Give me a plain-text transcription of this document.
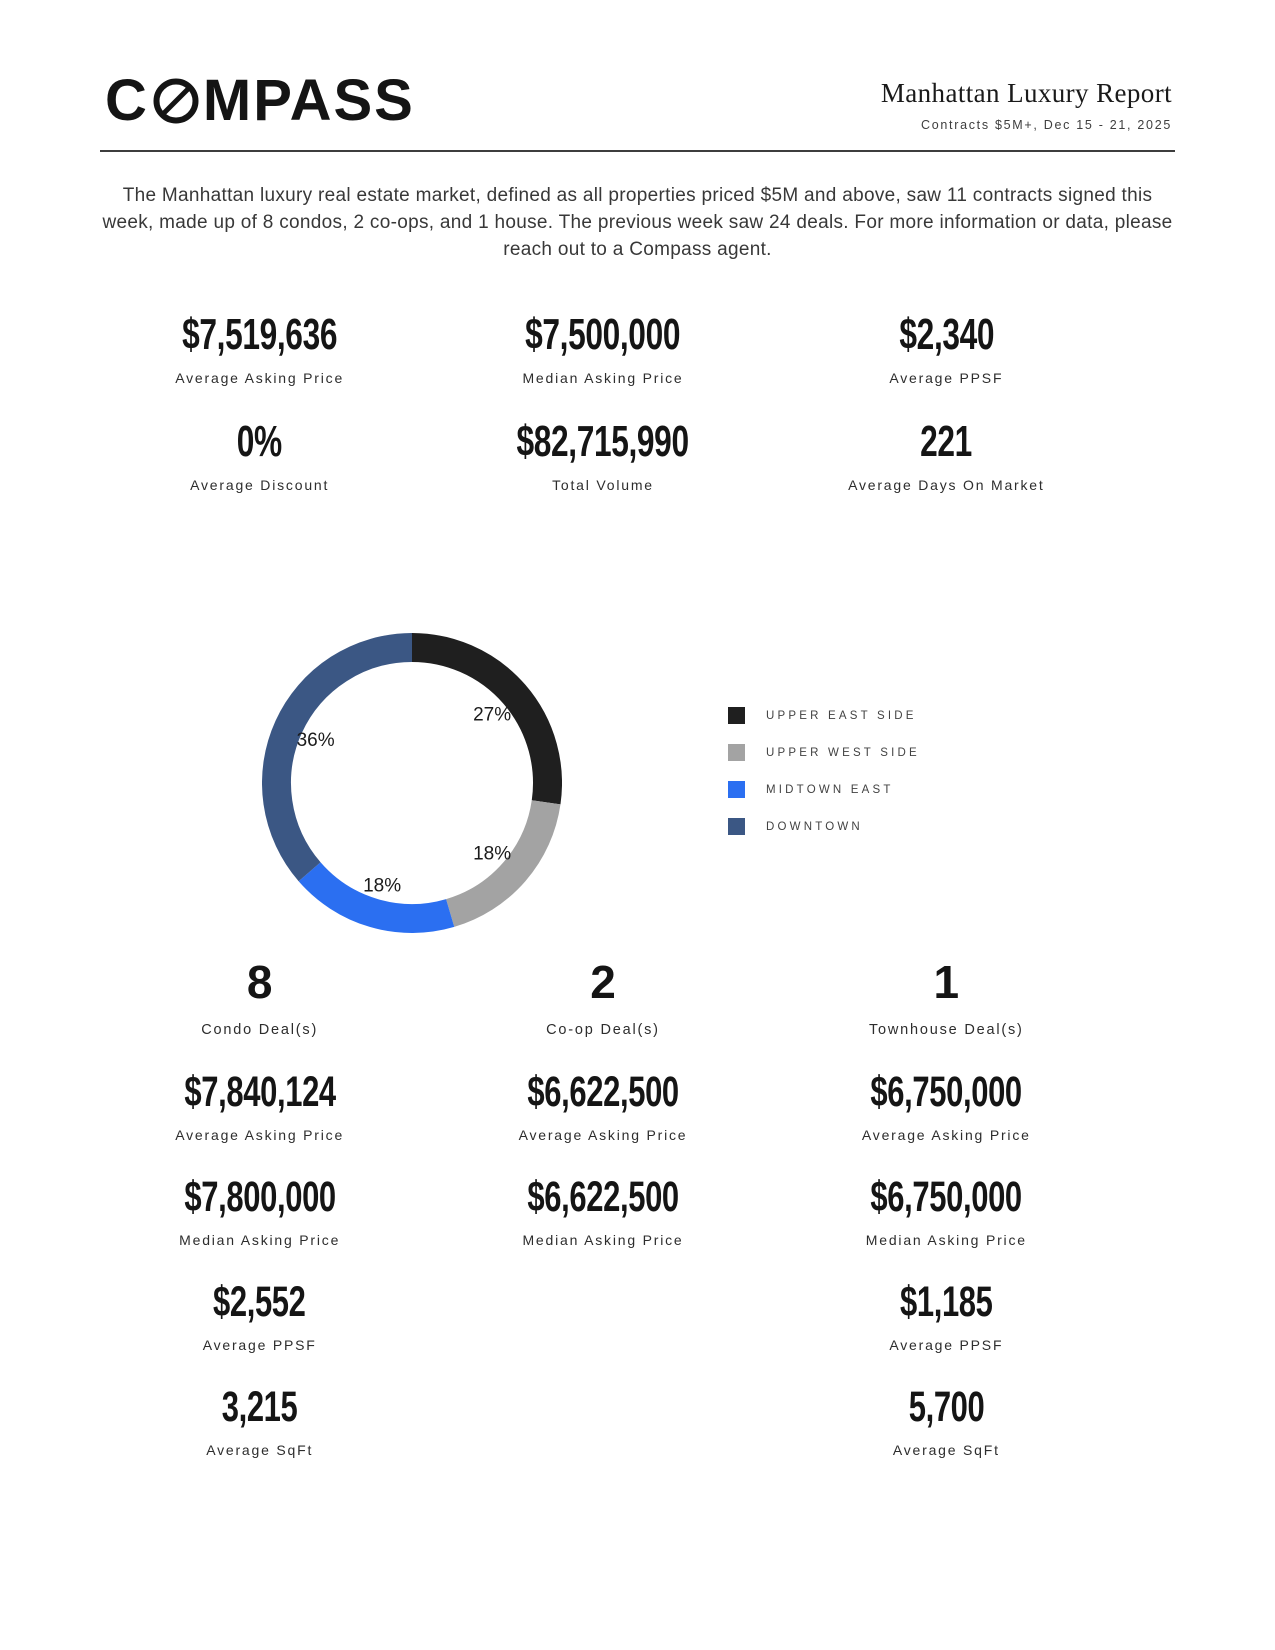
C MPASS	Manhattan Luxury Report
Contracts $5M+, Dec 15 - 21, 2025

The Manhattan luxury real estate market, defined as all properties priced $5M and above, saw 11 contracts signed this week, made up of 8 condos, 2 co-ops, and 1 house. The previous week saw 24 deals. For more information or data, please reach out to a Compass agent.

$7,519,636
Average Asking Price
$7,500,000
Median Asking Price
$2,340
Average PPSF
0%
Average Discount
$82,715,990
Total Volume
221
Average Days On Market
27%
18%
18%
36%
UPPER EAST SIDE
UPPER WEST SIDE
MIDTOWN EAST
DOWNTOWN
8
Condo Deal(s)
$7,840,124
Average Asking Price
$7,800,000
Median Asking Price
$2,552
Average PPSF
3,215
Average SqFt
2
Co-op Deal(s)
$6,622,500
Average Asking Price
$6,622,500
Median Asking Price
1
Townhouse Deal(s)
$6,750,000
Average Asking Price
$6,750,000
Median Asking Price
$1,185
Average PPSF
5,700
Average SqFt
